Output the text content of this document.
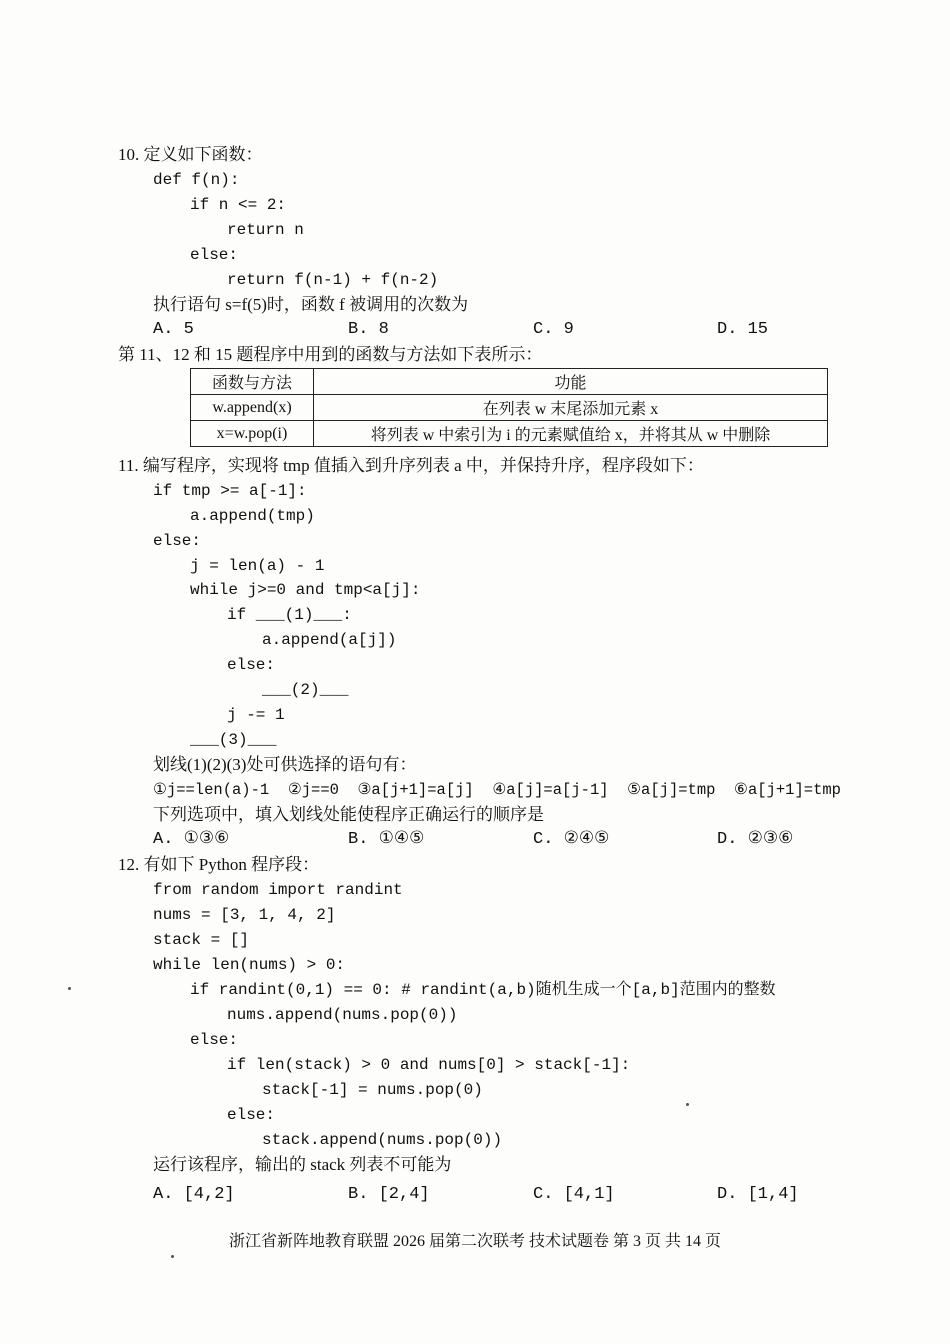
10. 定义如下函数：
def f(n):
if n <= 2:
return n
else:
return f(n-1) + f(n-2)
执行语句 s=f(5)时，函数 f 被调用的次数为
A. 5	B. 8	C. 9	D. 15
第 11、12 和 15 题程序中用到的函数与方法如下表所示：
函数与方法	功能
w.append(x)	在列表 w 末尾添加元素 x
x=w.pop(i)	将列表 w 中索引为 i 的元素赋值给 x，并将其从 w 中删除
11. 编写程序，实现将 tmp 值插入到升序列表 a 中，并保持升序，程序段如下：
if tmp >= a[-1]:
a.append(tmp)
else:
j = len(a) - 1
while j>=0 and tmp<a[j]:
if ___(1)___:
a.append(a[j])
else:
___(2)___
j -= 1
___(3)___
划线(1)(2)(3)处可供选择的语句有：
①j==len(a)-1  ②j==0  ③a[j+1]=a[j]  ④a[j]=a[j-1]  ⑤a[j]=tmp  ⑥a[j+1]=tmp
下列选项中，填入划线处能使程序正确运行的顺序是
A. ①③⑥	B. ①④⑤	C. ②④⑤	D. ②③⑥
12. 有如下 Python 程序段：
from random import randint
nums = [3, 1, 4, 2]
stack = []
while len(nums) > 0:
if randint(0,1) == 0: # randint(a,b)随机生成一个[a,b]范围内的整数
nums.append(nums.pop(0))
else:
if len(stack) > 0 and nums[0] > stack[-1]:
stack[-1] = nums.pop(0)
else:
stack.append(nums.pop(0))
运行该程序，输出的 stack 列表不可能为
A. [4,2]	B. [2,4]	C. [4,1]	D. [1,4]
浙江省新阵地教育联盟 2026 届第二次联考 技术试题卷 第 3 页 共 14 页
